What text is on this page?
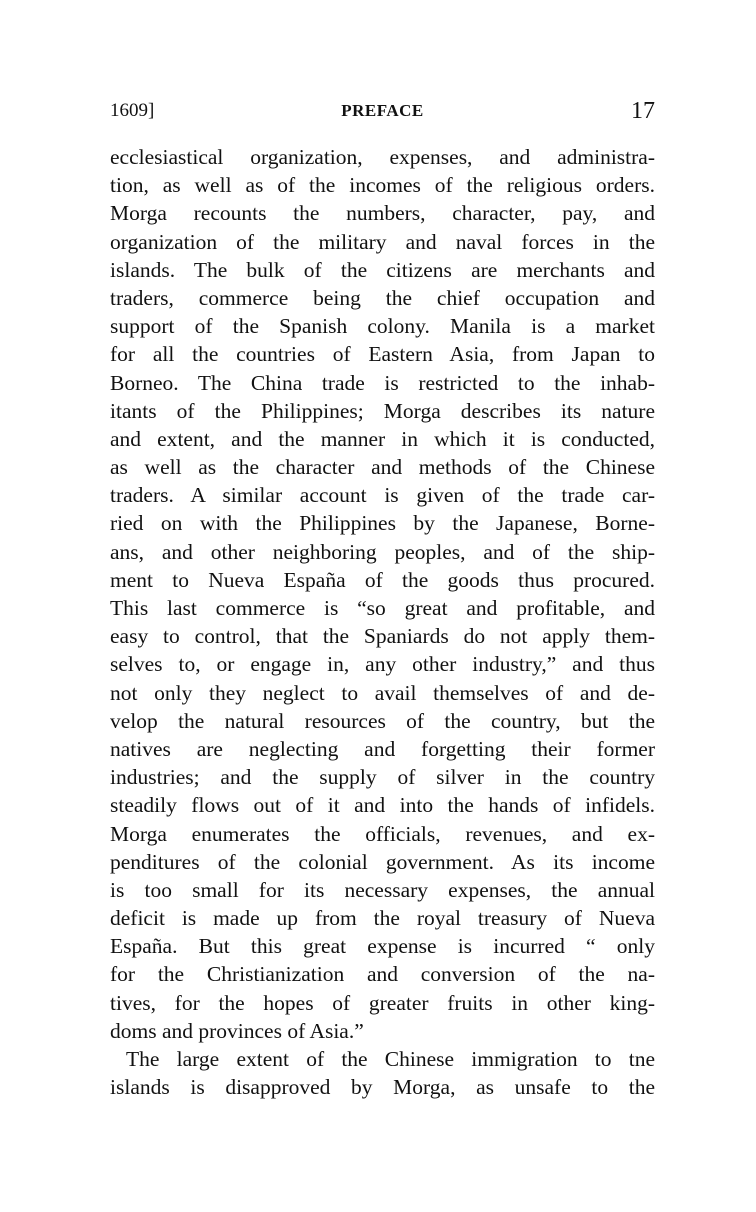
1609]	PREFACE	17
ecclesiastical organization, expenses, and administra-
tion, as well as of the incomes of the religious orders.
Morga recounts the numbers, character, pay, and
organization of the military and naval forces in the
islands. The bulk of the citizens are merchants and
traders, commerce being the chief occupation and
support of the Spanish colony. Manila is a market
for all the countries of Eastern Asia, from Japan to
Borneo. The China trade is restricted to the inhab-
itants of the Philippines; Morga describes its nature
and extent, and the manner in which it is conducted,
as well as the character and methods of the Chinese
traders. A similar account is given of the trade car-
ried on with the Philippines by the Japanese, Borne-
ans, and other neighboring peoples, and of the ship-
ment to Nueva España of the goods thus procured.
This last commerce is “so great and profitable, and
easy to control, that the Spaniards do not apply them-
selves to, or engage in, any other industry,” and thus
not only they neglect to avail themselves of and de-
velop the natural resources of the country, but the
natives are neglecting and forgetting their former
industries; and the supply of silver in the country
steadily flows out of it and into the hands of infidels.
Morga enumerates the officials, revenues, and ex-
penditures of the colonial government. As its income
is too small for its necessary expenses, the annual
deficit is made up from the royal treasury of Nueva
España. But this great expense is incurred “ only
for the Christianization and conversion of the na-
tives, for the hopes of greater fruits in other king-
doms and provinces of Asia.”
The large extent of the Chinese immigration to tne
islands is disapproved by Morga, as unsafe to the
